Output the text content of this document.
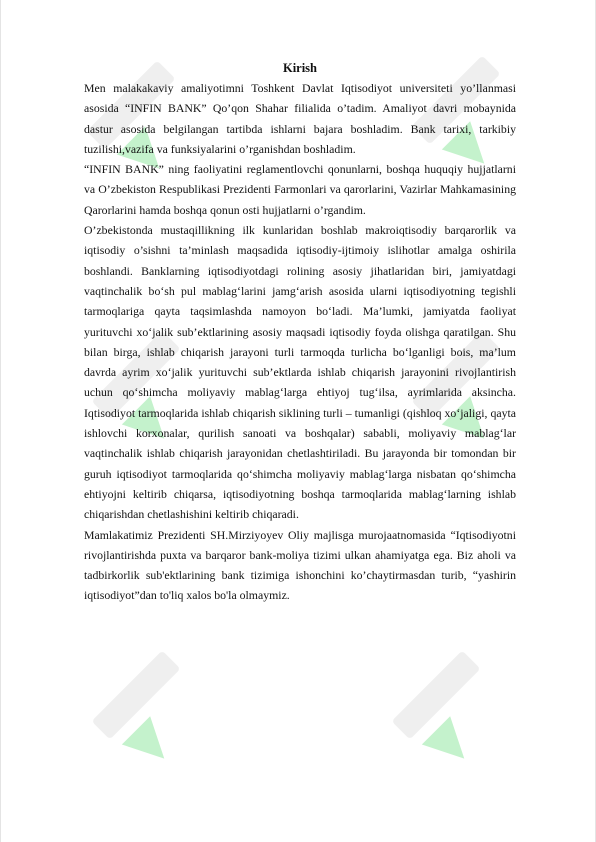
Kirish

Men malakakaviy amaliyotimni Toshkent Davlat Iqtisodiyot universiteti yo’llanmasi asosida “INFIN BANK” Qo’qon Shahar filialida o’tadim. Amaliyot davri mobaynida dastur asosida belgilangan tartibda ishlarni bajara boshladim. Bank tarixi, tarkibiy tuzilishi,vazifa va funksiyalarini o’rganishdan boshladim.

“INFIN BANK” ning faoliyatini reglamentlovchi qonunlarni, boshqa huquqiy hujjatlarni va O’zbekiston Respublikasi Prezidenti Farmonlari va qarorlarini, Vazirlar Mahkamasining Qarorlarini hamda boshqa qonun osti hujjatlarni o’rgandim.

O’zbekistonda mustaqillikning ilk kunlaridan boshlab makroiqtisodiy barqarorlik va iqtisodiy o’sishni ta’minlash maqsadida iqtisodiy-ijtimoiy islihotlar amalga oshirila boshlandi. Banklarning iqtisodiyotdagi rolining asosiy jihatlaridan biri, jamiyatdagi vaqtinchalik bo‘sh pul mablag‘larini jamg‘arish asosida ularni iqtisodiyotning tegishli tarmoqlariga qayta taqsimlashda namoyon bo‘ladi. Ma’lumki, jamiyatda faoliyat yurituvchi xo‘jalik sub’ektlarining asosiy maqsadi iqtisodiy foyda olishga qaratilgan. Shu bilan birga, ishlab chiqarish jarayoni turli tarmoqda turlicha bo‘lganligi bois, ma’lum davrda ayrim xo‘jalik yurituvchi sub’ektlarda ishlab chiqarish jarayonini rivojlantirish uchun qo‘shimcha moliyaviy mablag‘larga ehtiyoj tug‘ilsa, ayrimlarida aksincha. Iqtisodiyot tarmoqlarida ishlab chiqarish siklining turli – tumanligi (qishloq xo‘jaligi, qayta ishlovchi korxonalar, qurilish sanoati va boshqalar) sababli, moliyaviy mablag‘lar vaqtinchalik ishlab chiqarish jarayonidan chetlashtiriladi. Bu jarayonda bir tomondan bir guruh iqtisodiyot tarmoqlarida qo‘shimcha moliyaviy mablag‘larga nisbatan qo‘shimcha ehtiyojni keltirib chiqarsa, iqtisodiyotning boshqa tarmoqlarida mablag‘larning ishlab chiqarishdan chetlashishini keltirib chiqaradi.

Mamlakatimiz Prezidenti SH.Mirziyoyev Oliy majlisga murojaatnomasida “Iqtisodiyotni rivojlantirishda puxta va barqaror bank-moliya tizimi ulkan ahamiyatga ega. Biz aholi va tadbirkorlik sub'ektlarining bank tizimiga ishonchini ko’chaytirmasdan turib, “yashirin iqtisodiyot”dan to'liq xalos bo'la olmaymiz.
